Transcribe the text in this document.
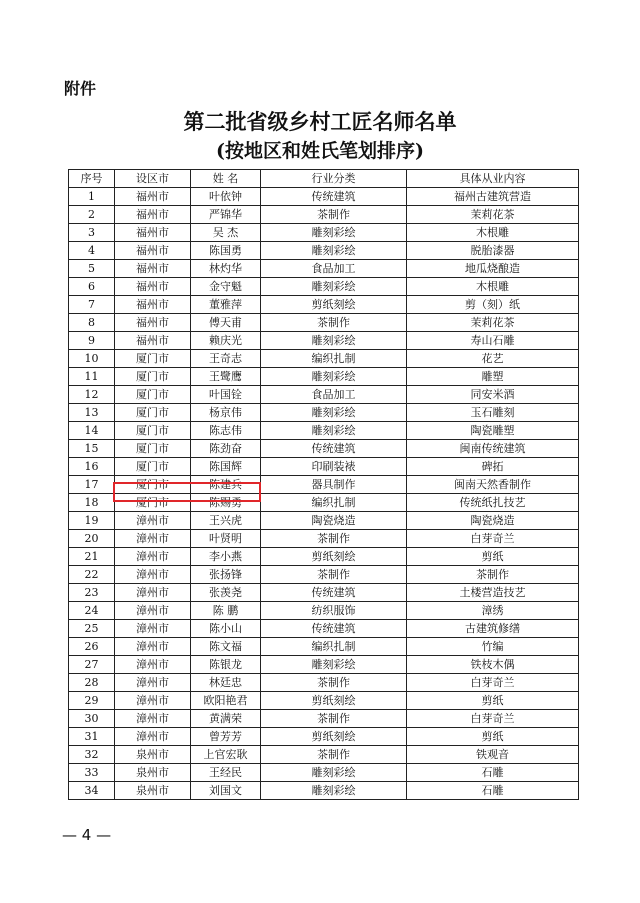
附件
第二批省级乡村工匠名师名单
(按地区和姓氏笔划排序)
序号	设区市	姓 名	行业分类	具体从业内容
1	福州市	叶依钟	传统建筑	福州古建筑营造
2	福州市	严锦华	茶制作	茉莉花茶
3	福州市	吴 杰	雕刻彩绘	木根雕
4	福州市	陈国勇	雕刻彩绘	脱胎漆器
5	福州市	林灼华	食品加工	地瓜烧酿造
6	福州市	金守魁	雕刻彩绘	木根雕
7	福州市	董雅萍	剪纸刻绘	剪（刻）纸
8	福州市	傅天甫	茶制作	茉莉花茶
9	福州市	赖庆光	雕刻彩绘	寿山石雕
10	厦门市	王奇志	编织扎制	花艺
11	厦门市	王鹭鹰	雕刻彩绘	雕塑
12	厦门市	叶国铨	食品加工	同安米酒
13	厦门市	杨京伟	雕刻彩绘	玉石雕刻
14	厦门市	陈志伟	雕刻彩绘	陶瓷雕塑
15	厦门市	陈劲奋	传统建筑	闽南传统建筑
16	厦门市	陈国辉	印刷装裱	碑拓
17	厦门市	陈建兵	器具制作	闽南天然香制作
18	厦门市	陈赐勇	编织扎制	传统纸扎技艺
19	漳州市	王兴虎	陶瓷烧造	陶瓷烧造
20	漳州市	叶贤明	茶制作	白芽奇兰
21	漳州市	李小燕	剪纸刻绘	剪纸
22	漳州市	张扬锋	茶制作	茶制作
23	漳州市	张羡尧	传统建筑	土楼营造技艺
24	漳州市	陈 鹏	纺织服饰	漳绣
25	漳州市	陈小山	传统建筑	古建筑修缮
26	漳州市	陈文福	编织扎制	竹编
27	漳州市	陈银龙	雕刻彩绘	铁枝木偶
28	漳州市	林廷忠	茶制作	白芽奇兰
29	漳州市	欧阳艳君	剪纸刻绘	剪纸
30	漳州市	黄满荣	茶制作	白芽奇兰
31	漳州市	曾芳芳	剪纸刻绘	剪纸
32	泉州市	上官宏耿	茶制作	铁观音
33	泉州市	王经民	雕刻彩绘	石雕
34	泉州市	刘国文	雕刻彩绘	石雕
— 4 —
